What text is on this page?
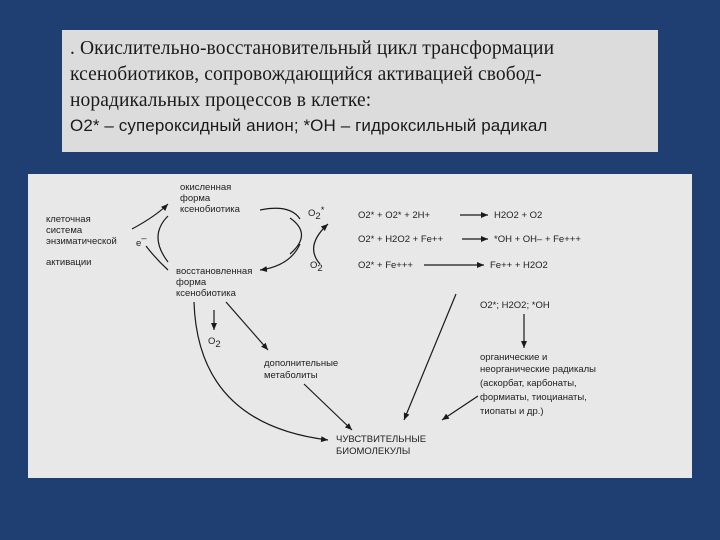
. Окислительно-восстановительный цикл трансформации
ксенобиотиков, сопровождающийся активацией свобод-
норадикальных процессов в клетке:
О2* – супероксидный анион; *ОН – гидроксильный радикал
окисленная
форма
ксенобиотика
клеточная
система
энзиматической
активации
e–
восстановленная
форма
ксенобиотика
O2*
O2
O2* + O2* + 2H+	H2O2 + O2
O2* + H2O2 + Fe++	*OH + OH– + Fe+++
O2* + Fe+++	Fe++ + H2O2
O2*; H2O2; *OH
органические и
неорганические радикалы
(аскорбат, карбонаты,
формиаты, тиоцианаты,
тиопаты и др.)
O2
дополнительные
метаболиты
ЧУВСТВИТЕЛЬНЫЕ
БИОМОЛЕКУЛЫ
